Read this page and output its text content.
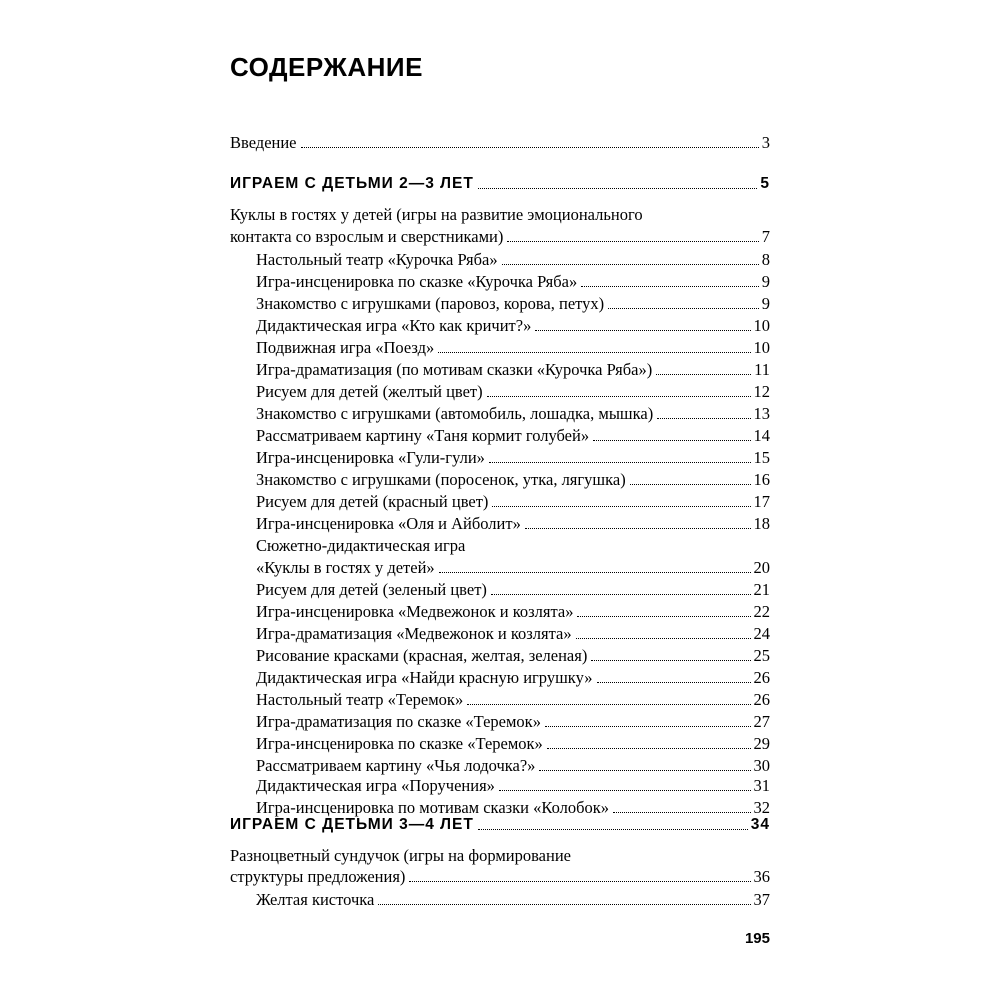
СОДЕРЖАНИЕ
Введение	3
ИГРАЕМ С ДЕТЬМИ 2—3 ЛЕТ	5
Куклы в гостях у детей (игры на развитие эмоционального
контакта со взрослым и сверстниками)	7
Настольный театр «Курочка Ряба»	8
Игра-инсценировка по сказке «Курочка Ряба»	9
Знакомство с игрушками (паровоз, корова, петух)	9
Дидактическая игра «Кто как кричит?»	10
Подвижная игра «Поезд»	10
Игра-драматизация (по мотивам сказки «Курочка Ряба»)	11
Рисуем для детей (желтый цвет)	12
Знакомство с игрушками (автомобиль, лошадка, мышка)	13
Рассматриваем картину «Таня кормит голубей»	14
Игра-инсценировка «Гули-гули»	15
Знакомство с игрушками (поросенок, утка, лягушка)	16
Рисуем для детей (красный цвет)	17
Игра-инсценировка «Оля и Айболит»	18
Сюжетно-дидактическая игра
«Куклы в гостях у детей»	20
Рисуем для детей (зеленый цвет)	21
Игра-инсценировка «Медвежонок и козлята»	22
Игра-драматизация «Медвежонок и козлята»	24
Рисование красками (красная, желтая, зеленая)	25
Дидактическая игра «Найди красную игрушку»	26
Настольный театр «Теремок»	26
Игра-драматизация по сказке «Теремок»	27
Игра-инсценировка по сказке «Теремок»	29
Рассматриваем картину «Чья лодочка?»	30
Дидактическая игра «Поручения»	31
Игра-инсценировка по мотивам сказки «Колобок»	32
ИГРАЕМ С ДЕТЬМИ 3—4 ЛЕТ	34
Разноцветный сундучок (игры на формирование
структуры предложения)	36
Желтая кисточка	37
195
